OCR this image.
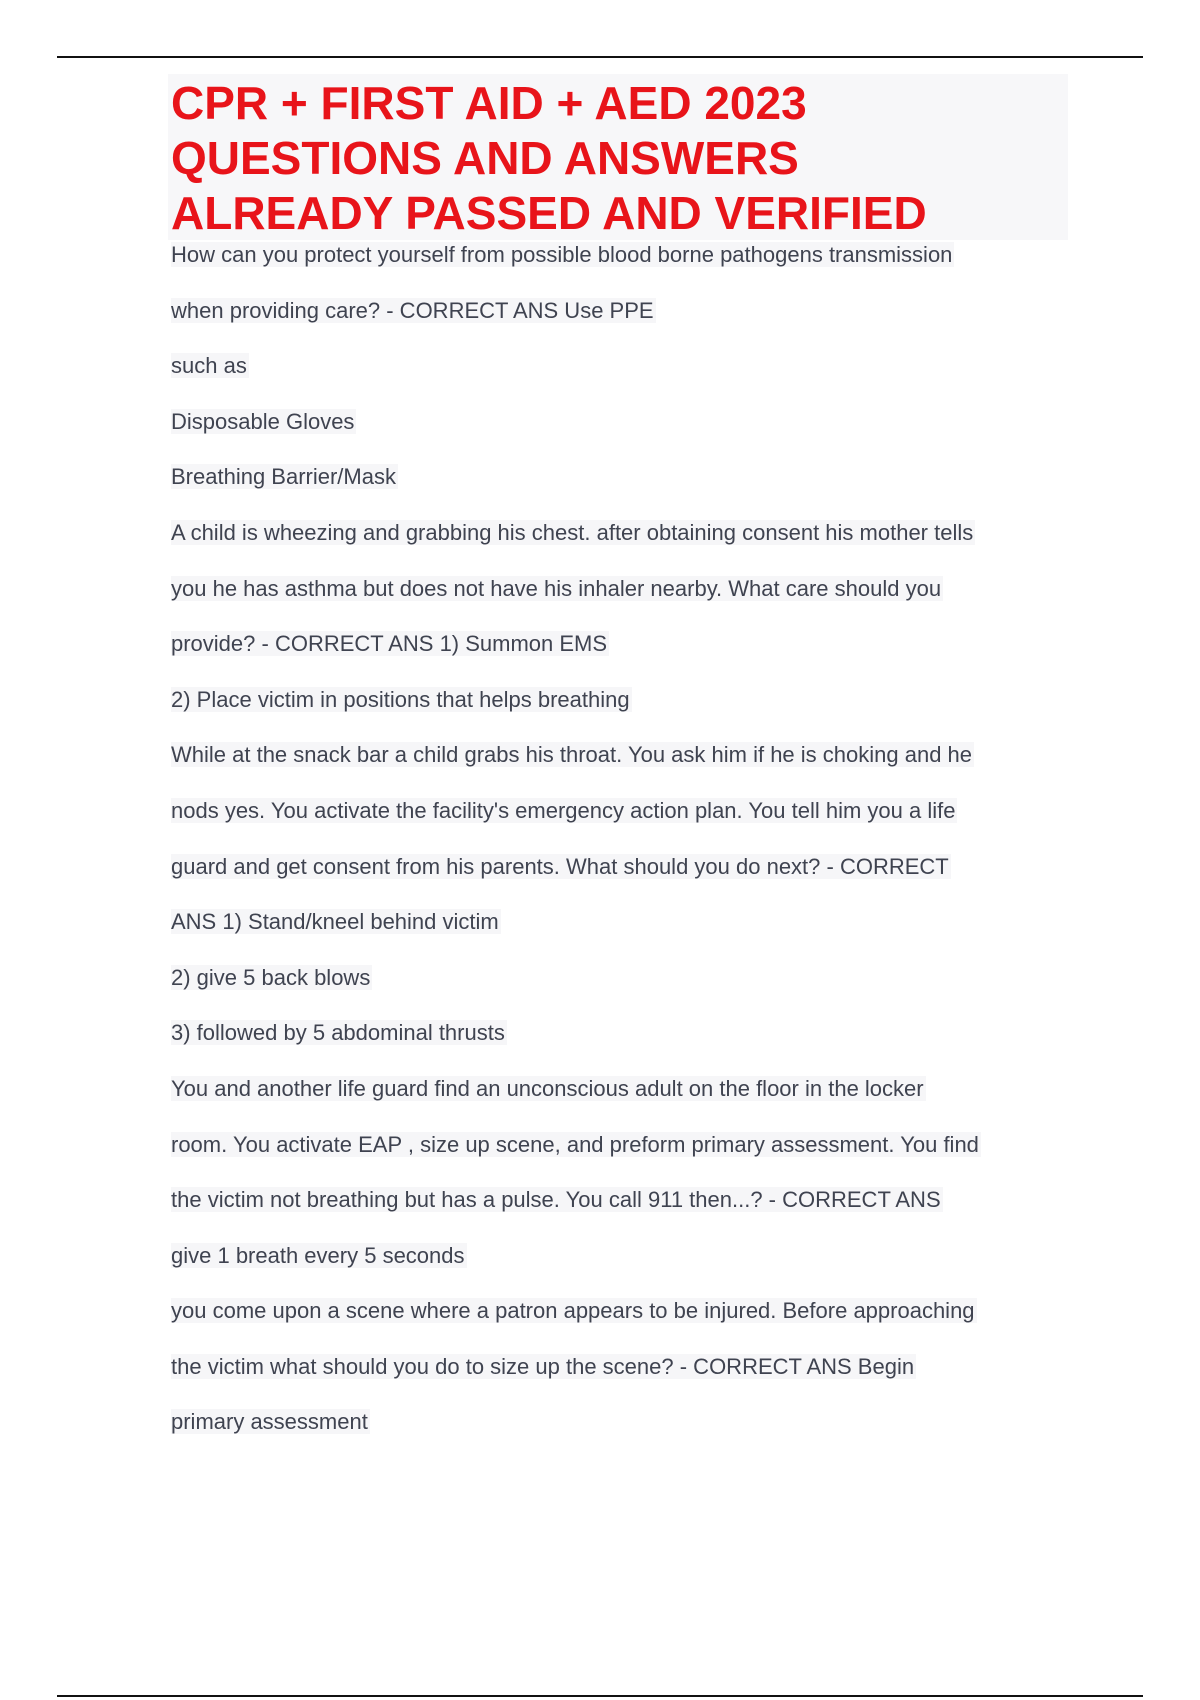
CPR + FIRST AID + AED 2023
QUESTIONS AND ANSWERS
ALREADY PASSED AND VERIFIED
How can you protect yourself from possible blood borne pathogens transmission
when providing care? - CORRECT ANS Use PPE
such as
Disposable Gloves
Breathing Barrier/Mask
A child is wheezing and grabbing his chest. after obtaining consent his mother tells
you he has asthma but does not have his inhaler nearby. What care should you
provide? - CORRECT ANS 1) Summon EMS
2) Place victim in positions that helps breathing
While at the snack bar a child grabs his throat. You ask him if he is choking and he
nods yes. You activate the facility's emergency action plan. You tell him you a life
guard and get consent from his parents. What should you do next? - CORRECT
ANS 1) Stand/kneel behind victim
2) give 5 back blows
3) followed by 5 abdominal thrusts
You and another life guard find an unconscious adult on the floor in the locker
room. You activate EAP , size up scene, and preform primary assessment. You find
the victim not breathing but has a pulse. You call 911 then...? - CORRECT ANS
give 1 breath every 5 seconds
you come upon a scene where a patron appears to be injured. Before approaching
the victim what should you do to size up the scene? - CORRECT ANS Begin
primary assessment
